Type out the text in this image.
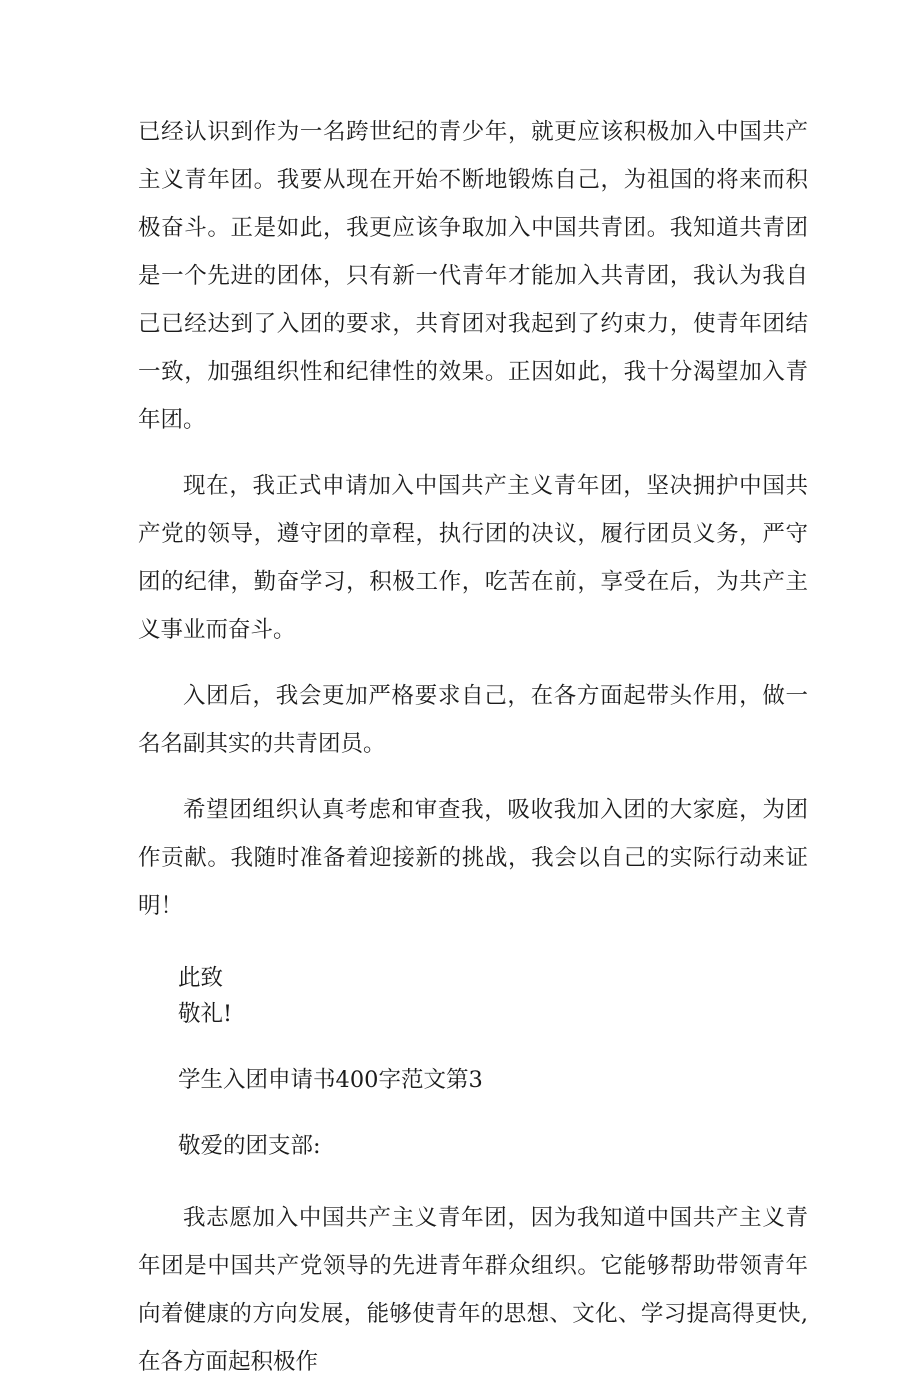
已经认识到作为一名跨世纪的青少年，就更应该积极加入中国共产主义青年团。我要从现在开始不断地锻炼自己，为祖国的将来而积极奋斗。正是如此，我更应该争取加入中国共青团。我知道共青团是一个先进的团体，只有新一代青年才能加入共青团，我认为我自己已经达到了入团的要求，共育团对我起到了约束力，使青年团结一致，加强组织性和纪律性的效果。正因如此，我十分渴望加入青年团。

现在，我正式申请加入中国共产主义青年团，坚决拥护中国共产党的领导，遵守团的章程，执行团的决议，履行团员义务，严守团的纪律，勤奋学习，积极工作，吃苦在前，享受在后，为共产主义事业而奋斗。

入团后，我会更加严格要求自己，在各方面起带头作用，做一名名副其实的共青团员。

希望团组织认真考虑和审查我，吸收我加入团的大家庭，为团作贡献。我随时准备着迎接新的挑战，我会以自己的实际行动来证明！

此致

敬礼!

学生入团申请书400字范文第3

敬爱的团支部:

我志愿加入中国共产主义青年团，因为我知道中国共产主义青年团是中国共产党领导的先进青年群众组织。它能够帮助带领青年向着健康的方向发展，能够使青年的思想、文化、学习提高得更快,在各方面起积极作
